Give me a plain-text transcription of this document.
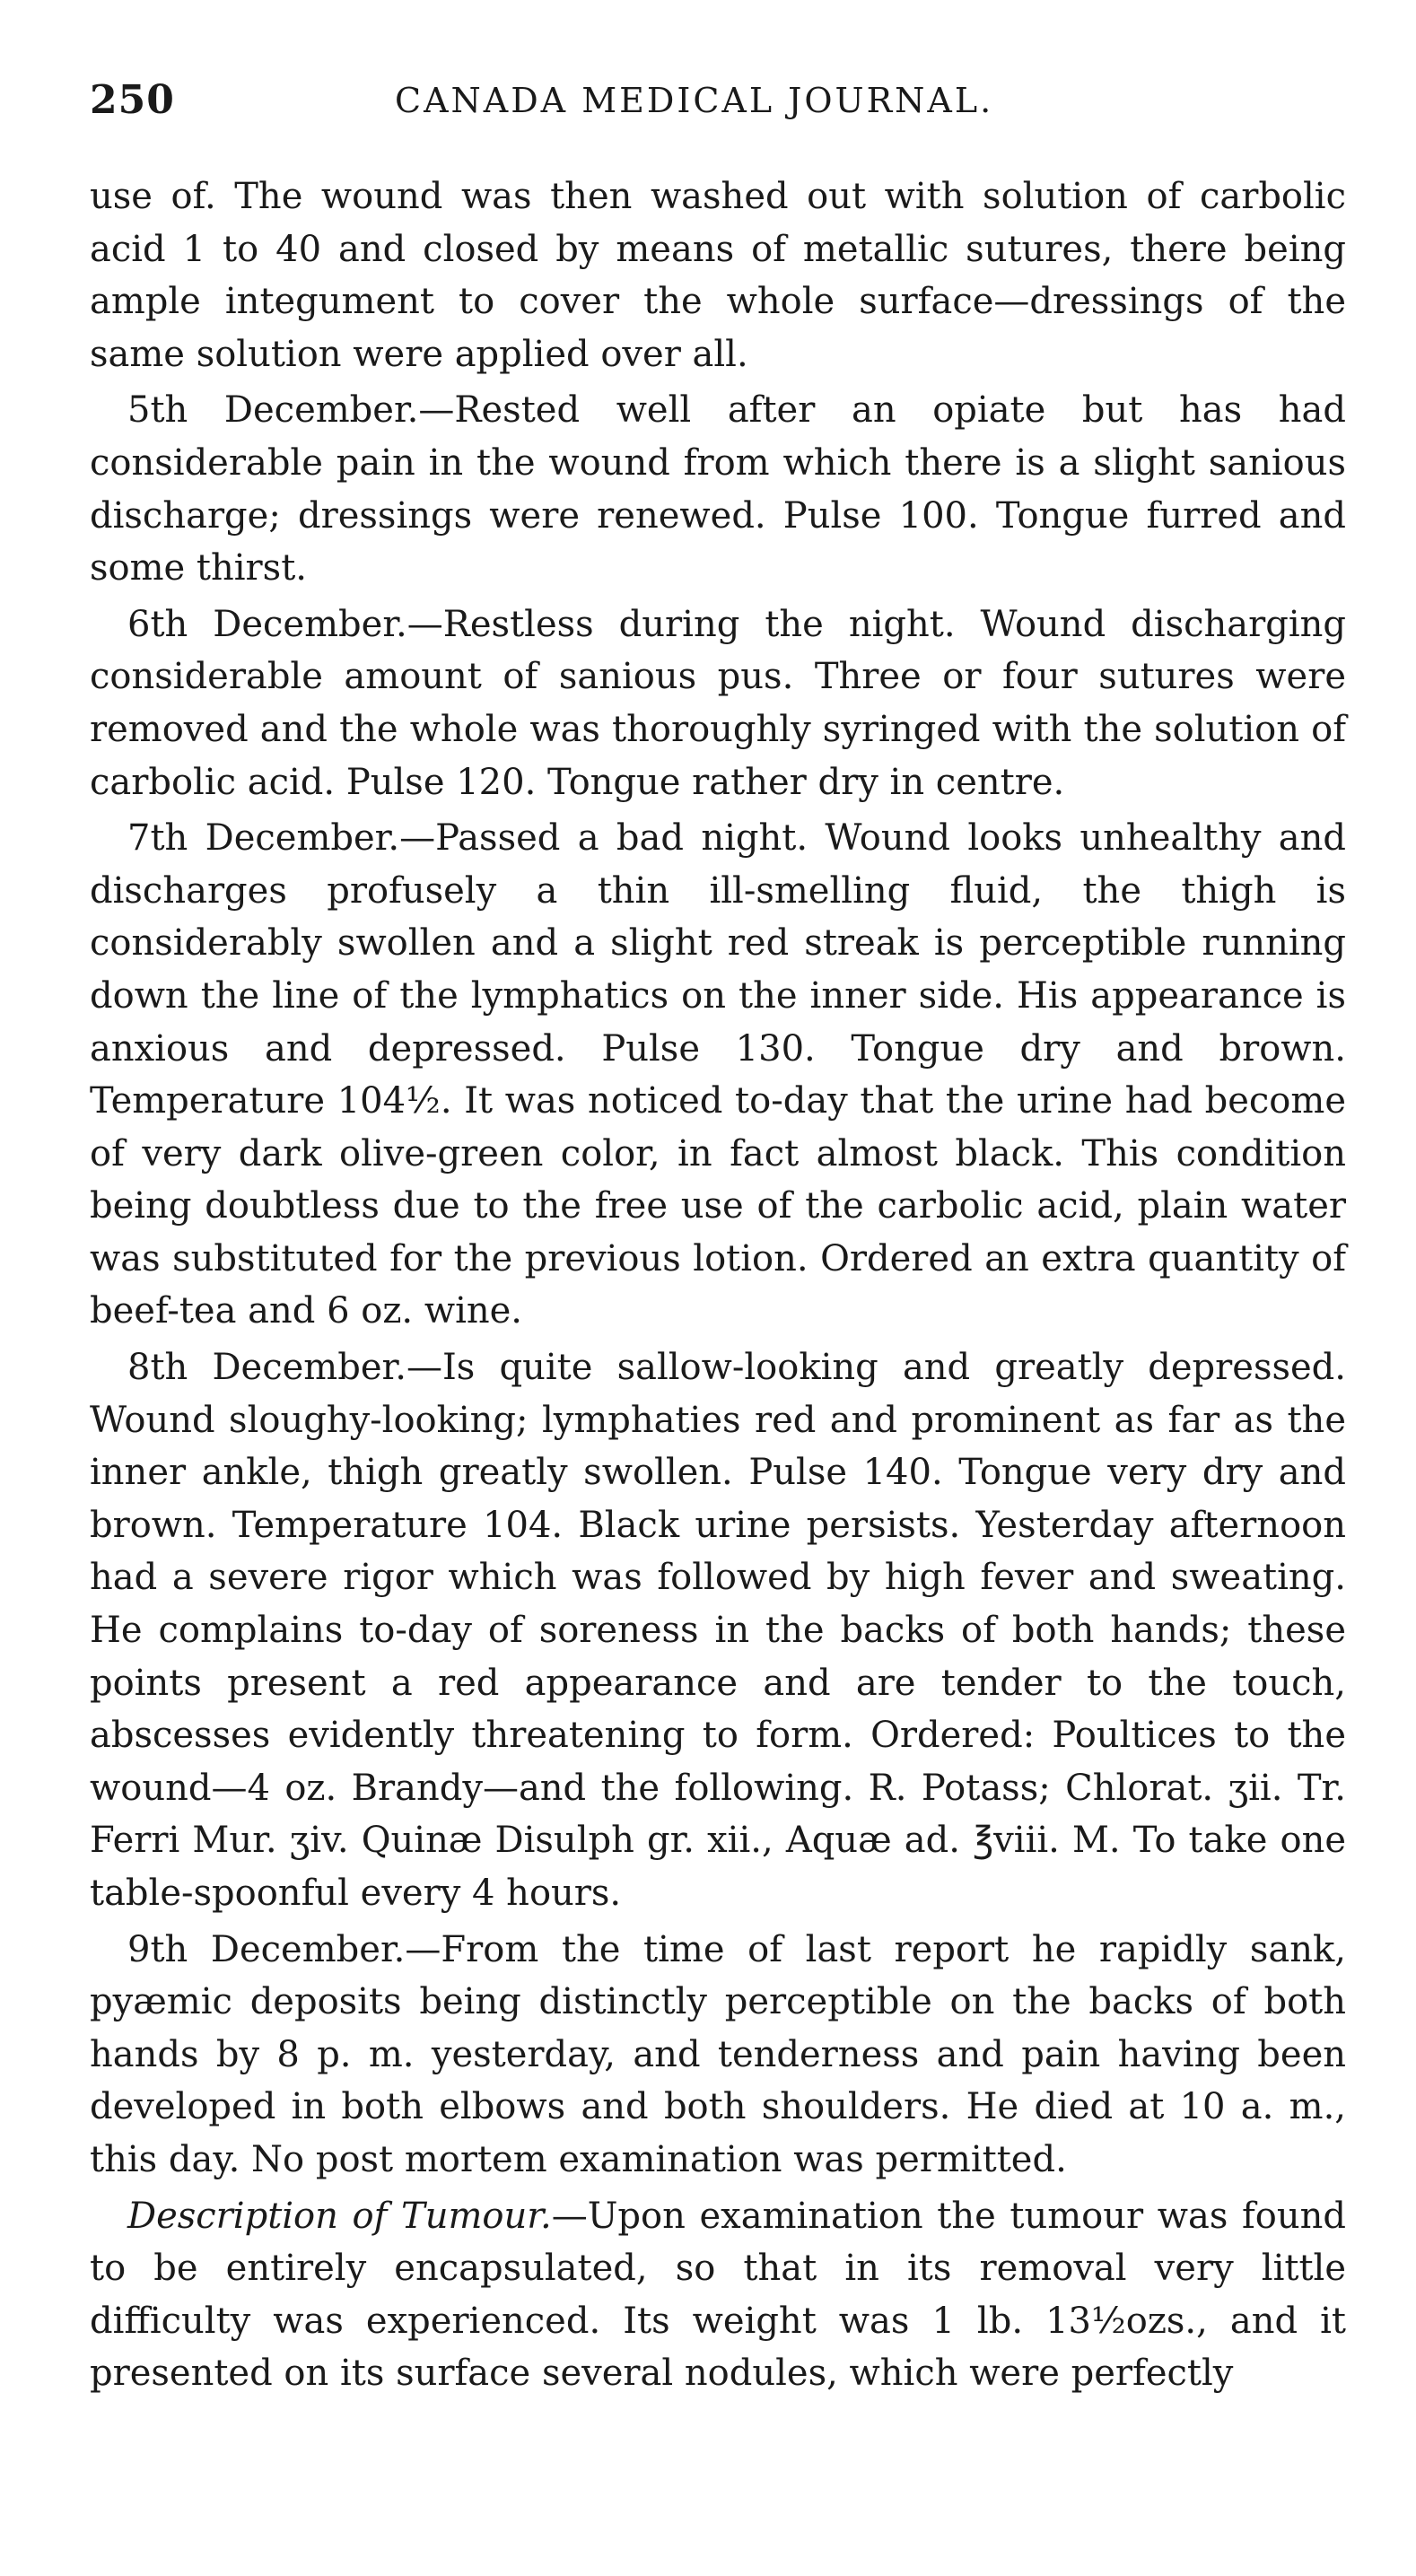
250	CANADA MEDICAL JOURNAL.

use of. The wound was then washed out with solution of carbolic acid 1 to 40 and closed by means of metallic sutures, there being ample integument to cover the whole surface—dressings of the same solution were applied over all.

5th December.—Rested well after an opiate but has had considerable pain in the wound from which there is a slight sanious discharge; dressings were renewed. Pulse 100. Tongue furred and some thirst.

6th December.—Restless during the night. Wound discharging considerable amount of sanious pus. Three or four sutures were removed and the whole was thoroughly syringed with the solution of carbolic acid. Pulse 120. Tongue rather dry in centre.

7th December.—Passed a bad night. Wound looks unhealthy and discharges profusely a thin ill-smelling fluid, the thigh is considerably swollen and a slight red streak is perceptible running down the line of the lymphatics on the inner side. His appearance is anxious and depressed. Pulse 130. Tongue dry and brown. Temperature 104½. It was noticed to-day that the urine had become of very dark olive-green color, in fact almost black. This condition being doubtless due to the free use of the carbolic acid, plain water was substituted for the previous lotion. Ordered an extra quantity of beef-tea and 6 oz. wine.

8th December.—Is quite sallow-looking and greatly depressed. Wound sloughy-looking; lymphaties red and prominent as far as the inner ankle, thigh greatly swollen. Pulse 140. Tongue very dry and brown. Temperature 104. Black urine persists. Yesterday afternoon had a severe rigor which was followed by high fever and sweating. He complains to-day of soreness in the backs of both hands; these points present a red appearance and are tender to the touch, abscesses evidently threatening to form. Ordered: Poultices to the wound—4 oz. Brandy—and the following. R. Potass; Chlorat. ʒii. Tr. Ferri Mur. ʒiv. Quinæ Disulph gr. xii., Aquæ ad. ℥viii. M. To take one table-spoonful every 4 hours.

9th December.—From the time of last report he rapidly sank, pyæmic deposits being distinctly perceptible on the backs of both hands by 8 p. m. yesterday, and tenderness and pain having been developed in both elbows and both shoulders. He died at 10 a. m., this day. No post mortem examination was permitted.

Description of Tumour.—Upon examination the tumour was found to be entirely encapsulated, so that in its removal very little difficulty was experienced. Its weight was 1 lb. 13½ozs., and it presented on its surface several nodules, which were perfectly
